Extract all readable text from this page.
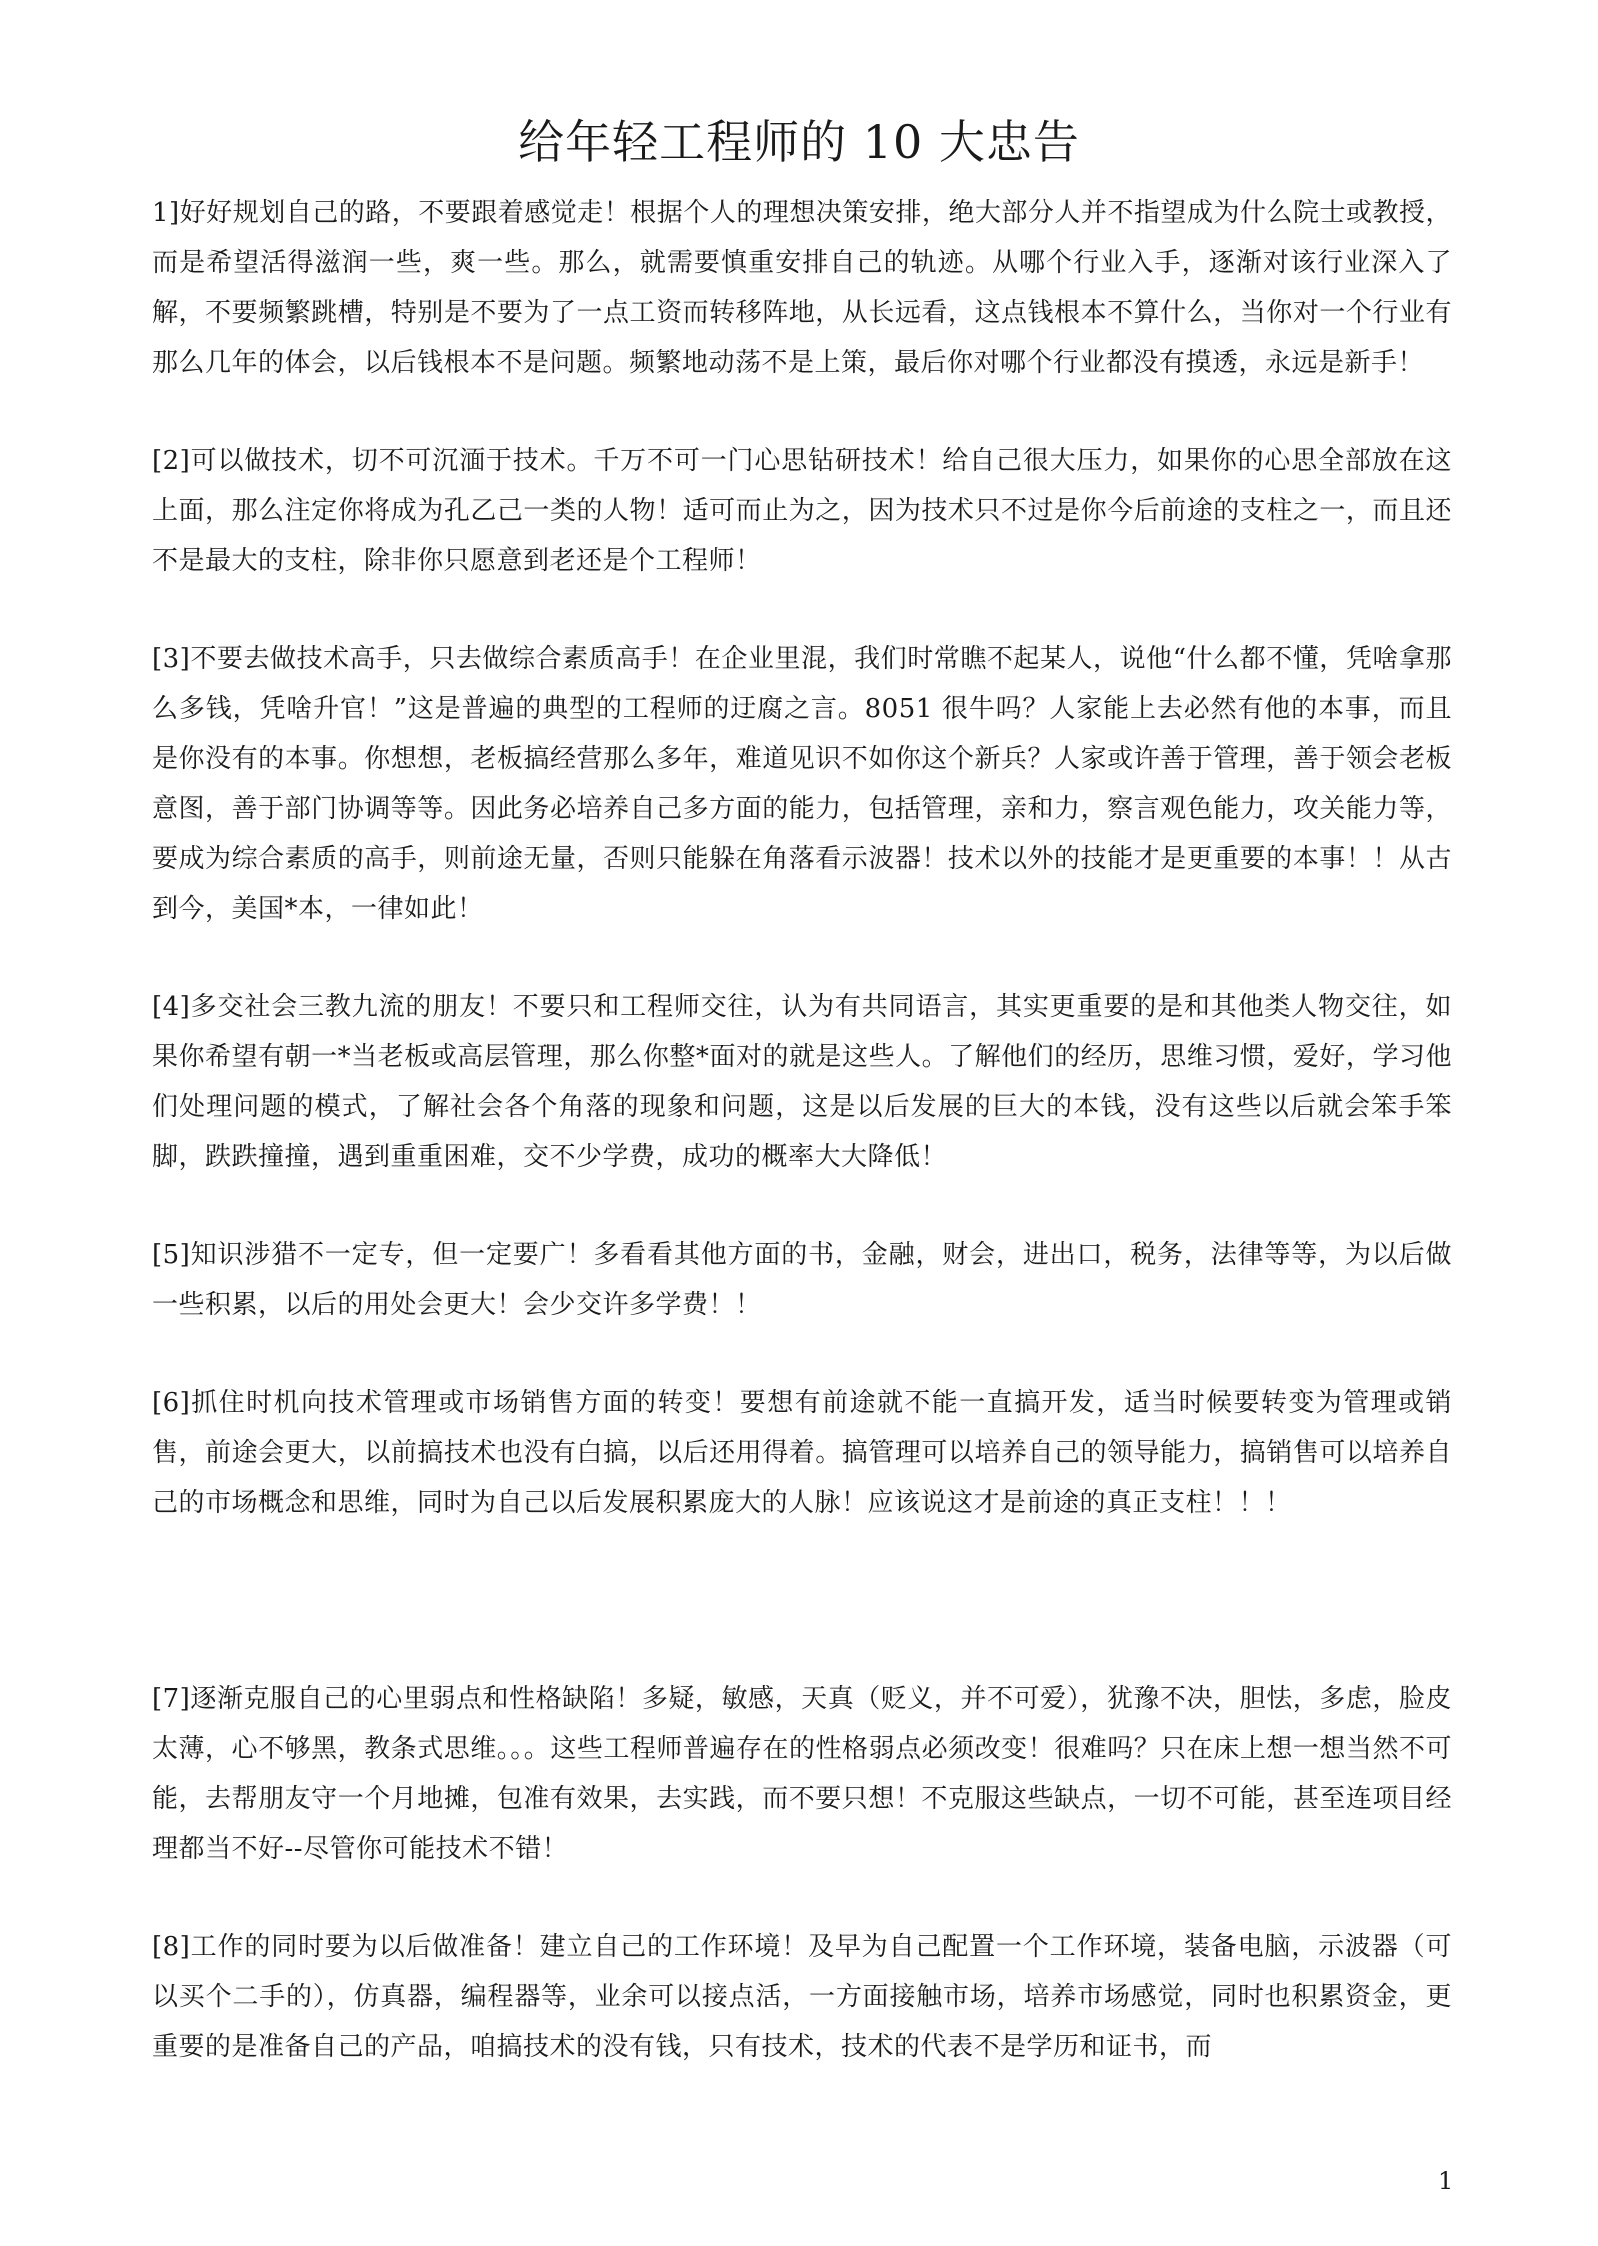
给年轻工程师的 10 大忠告

1]好好规划自己的路，不要跟着感觉走！根据个人的理想决策安排，绝大部分人并不指望成为什么院士或教授，而是希望活得滋润一些，爽一些。那么，就需要慎重安排自己的轨迹。从哪个行业入手，逐渐对该行业深入了解，不要频繁跳槽，特别是不要为了一点工资而转移阵地，从长远看，这点钱根本不算什么，当你对一个行业有那么几年的体会，以后钱根本不是问题。频繁地动荡不是上策，最后你对哪个行业都没有摸透，永远是新手！

[2]可以做技术，切不可沉湎于技术。千万不可一门心思钻研技术！给自己很大压力，如果你的心思全部放在这上面，那么注定你将成为孔乙己一类的人物！适可而止为之，因为技术只不过是你今后前途的支柱之一，而且还不是最大的支柱，除非你只愿意到老还是个工程师！

[3]不要去做技术高手，只去做综合素质高手！在企业里混，我们时常瞧不起某人，说他“什么都不懂，凭啥拿那么多钱，凭啥升官！”这是普遍的典型的工程师的迂腐之言。8051 很牛吗？人家能上去必然有他的本事，而且是你没有的本事。你想想，老板搞经营那么多年，难道见识不如你这个新兵？人家或许善于管理，善于领会老板意图，善于部门协调等等。因此务必培养自己多方面的能力，包括管理，亲和力，察言观色能力，攻关能力等，要成为综合素质的高手，则前途无量，否则只能躲在角落看示波器！技术以外的技能才是更重要的本事！！从古到今，美国*本，一律如此！

[4]多交社会三教九流的朋友！不要只和工程师交往，认为有共同语言，其实更重要的是和其他类人物交往，如果你希望有朝一*当老板或高层管理，那么你整*面对的就是这些人。了解他们的经历，思维习惯，爱好，学习他们处理问题的模式，了解社会各个角落的现象和问题，这是以后发展的巨大的本钱，没有这些以后就会笨手笨脚，跌跌撞撞，遇到重重困难，交不少学费，成功的概率大大降低！

[5]知识涉猎不一定专，但一定要广！多看看其他方面的书，金融，财会，进出口，税务，法律等等，为以后做一些积累，以后的用处会更大！会少交许多学费！！

[6]抓住时机向技术管理或市场销售方面的转变！要想有前途就不能一直搞开发，适当时候要转变为管理或销售，前途会更大，以前搞技术也没有白搞，以后还用得着。搞管理可以培养自己的领导能力，搞销售可以培养自己的市场概念和思维，同时为自己以后发展积累庞大的人脉！应该说这才是前途的真正支柱！！！

[7]逐渐克服自己的心里弱点和性格缺陷！多疑，敏感，天真（贬义，并不可爱），犹豫不决，胆怯，多虑，脸皮太薄，心不够黑，教条式思维。。。这些工程师普遍存在的性格弱点必须改变！很难吗？只在床上想一想当然不可能，去帮朋友守一个月地摊，包准有效果，去实践，而不要只想！不克服这些缺点，一切不可能，甚至连项目经理都当不好--尽管你可能技术不错！

[8]工作的同时要为以后做准备！建立自己的工作环境！及早为自己配置一个工作环境，装备电脑，示波器（可以买个二手的），仿真器，编程器等，业余可以接点活，一方面接触市场，培养市场感觉，同时也积累资金，更重要的是准备自己的产品，咱搞技术的没有钱，只有技术，技术的代表不是学历和证书，而

1
